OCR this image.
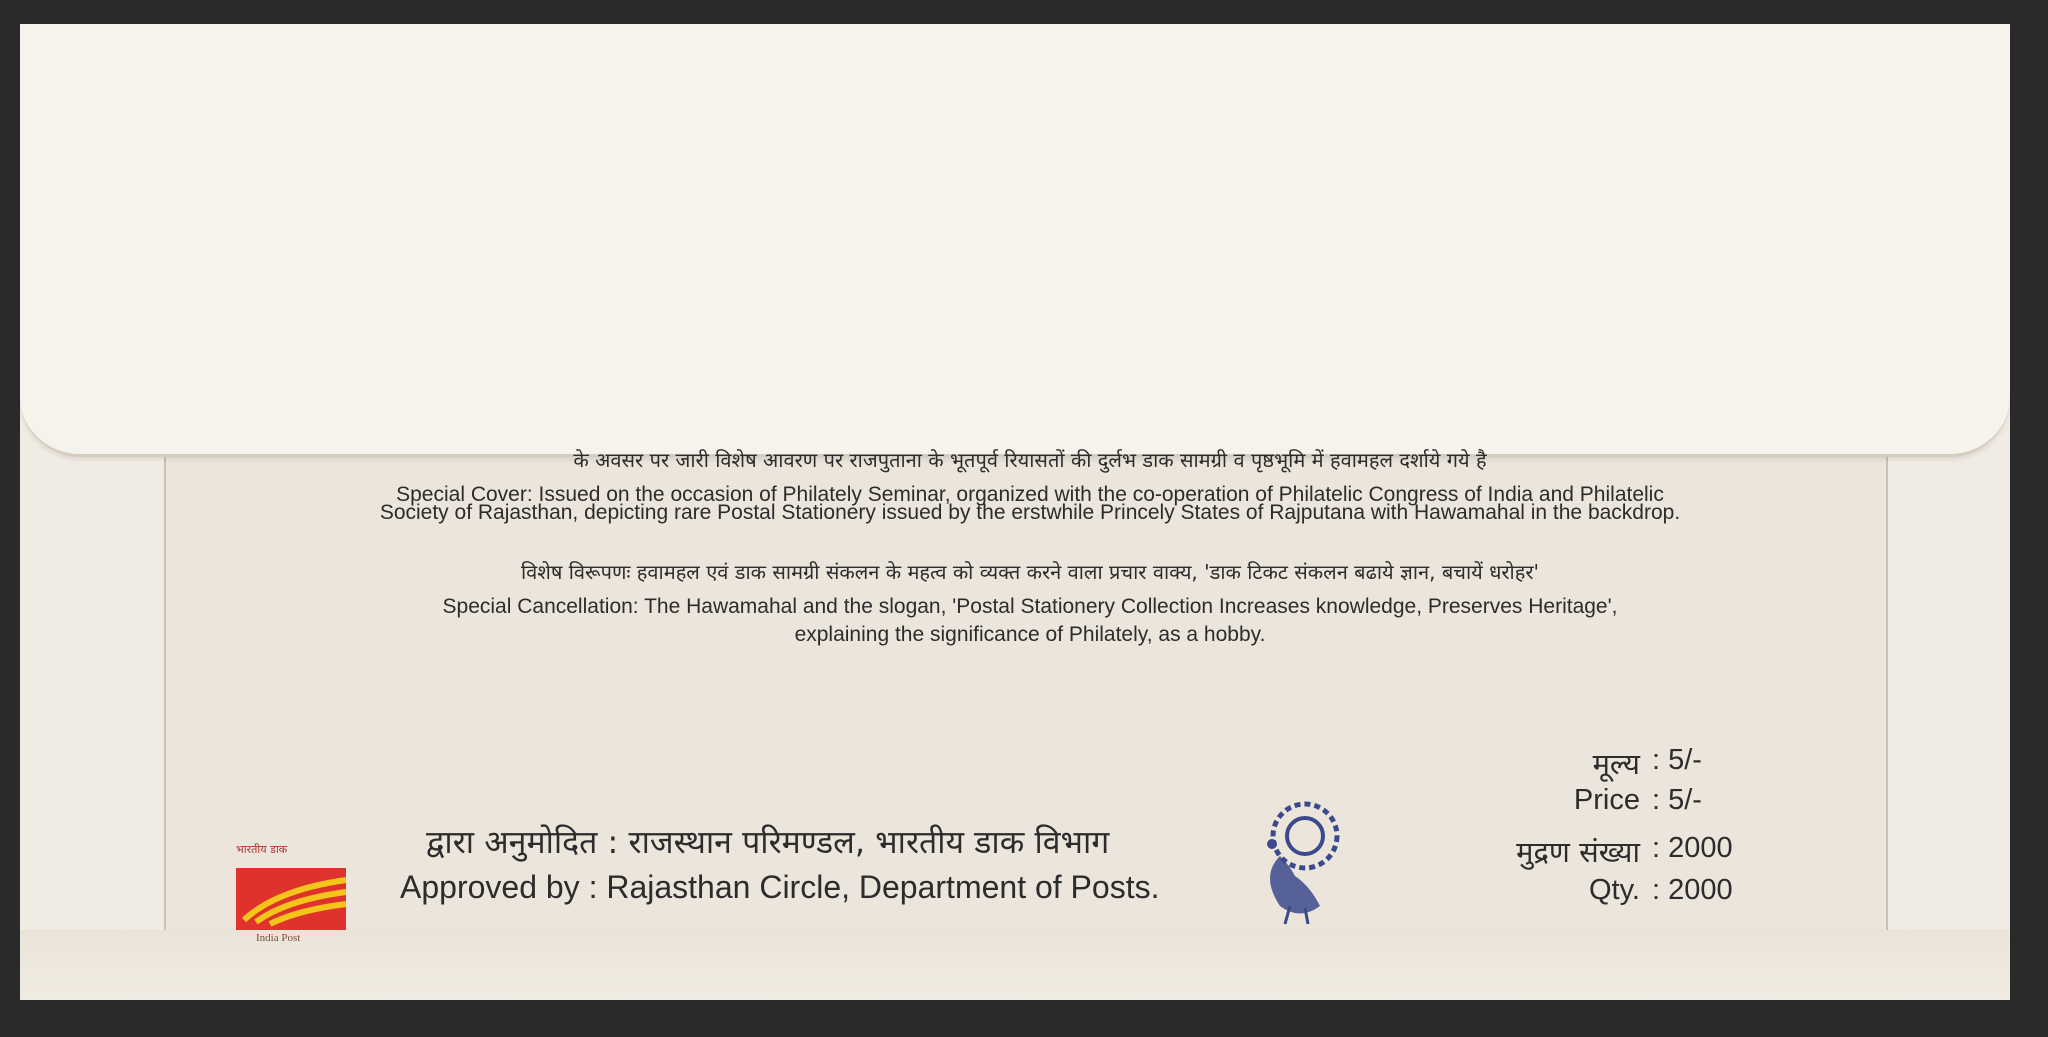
के अवसर पर जारी विशेष आवरण पर राजपुताना के भूतपूर्व रियासतों की दुर्लभ डाक सामग्री व पृष्ठभूमि में हवामहल दर्शाये गये है
Special Cover: Issued on the occasion of Philately Seminar, organized with the co-operation of Philatelic Congress of India and Philatelic
Society of Rajasthan, depicting rare Postal Stationery issued by the erstwhile Princely States of Rajputana with Hawamahal in the backdrop.
विशेष विरूपणः हवामहल एवं डाक सामग्री संकलन के महत्व को व्यक्त करने वाला प्रचार वाक्य, 'डाक टिकट संकलन बढाये ज्ञान, बचायें धरोहर'
Special Cancellation: The Hawamahal and the slogan, 'Postal Stationery Collection Increases knowledge, Preserves Heritage',
explaining the significance of Philately, as a hobby.
भारतीय डाक
India Post
द्वारा अनुमोदित : राजस्थान परिमण्डल, भारतीय डाक विभाग
Approved by : Rajasthan Circle, Department of Posts.
मूल्य : 5/-
Price : 5/-
मुद्रण संख्या : 2000
Qty. : 2000
